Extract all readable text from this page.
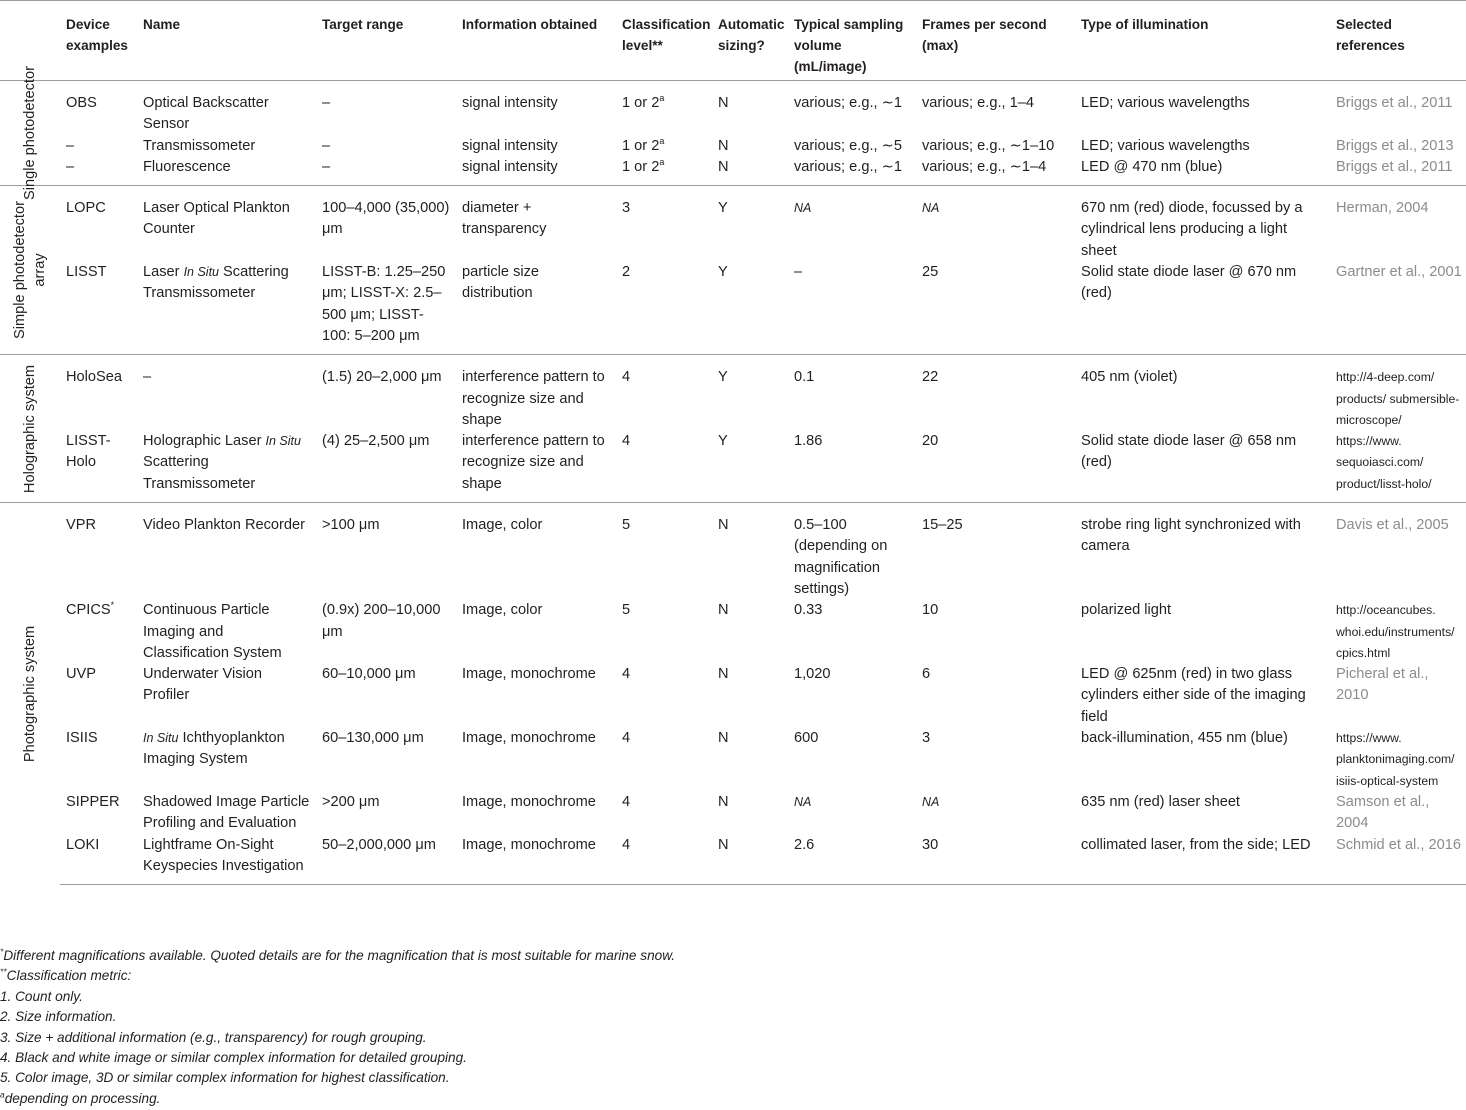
	Device examples	Name	Target range	Information obtained	Classification level**	Automatic sizing?	Typical sampling volume (mL/image)	Frames per second (max)	Type of illumination	Selected references

Single photodetector	OBS	Optical Backscatter Sensor	–	signal intensity	1 or 2$^a$	N	various; e.g., ∼1	various; e.g., 1–4	LED; various wavelengths	Briggs et al., 2011
	–	Transmissometer	–	signal intensity	1 or 2$^a$	N	various; e.g., ∼5	various; e.g., ∼1–10	LED; various wavelengths	Briggs et al., 2013
	–	Fluorescence	–	signal intensity	1 or 2$^a$	N	various; e.g., ∼1	various; e.g., ∼1–4	LED @ 470 nm (blue)	Briggs et al., 2011

Simple photodetector array	LOPC	Laser Optical Plankton Counter	100–4,000 (35,000) μm	diameter + transparency	3	Y	NA	NA	670 nm (red) diode, focussed by a cylindrical lens producing a light sheet	Herman, 2004
	LISST	Laser In Situ Scattering Transmissometer	LISST-B: 1.25–250 μm; LISST-X: 2.5–500 μm; LISST-100: 5–200 μm	particle size distribution	2	Y	–	25	Solid state diode laser @ 670 nm (red)	Gartner et al., 2001

Holographic system	HoloSea	–	(1.5) 20–2,000 μm	interference pattern to recognize size and shape	4	Y	0.1	22	405 nm (violet)	http://4-deep.com/ products/ submersible- microscope/
	LISST-Holo	Holographic Laser In Situ Scattering Transmissometer	(4) 25–2,500 μm	interference pattern to recognize size and shape	4	Y	1.86	20	Solid state diode laser @ 658 nm (red)	https://www. sequoiasci.com/ product/lisst-holo/

Photographic system	VPR	Video Plankton Recorder	>100 μm	Image, color	5	N	0.5–100 (depending on magnification settings)	15–25	strobe ring light synchronized with camera	Davis et al., 2005
	CPICS*	Continuous Particle Imaging and Classification System	(0.9x) 200–10,000 μm	Image, color	5	N	0.33	10	polarized light	http://oceancubes. whoi.edu/instruments/ cpics.html
	UVP	Underwater Vision Profiler	60–10,000 μm	Image, monochrome	4	N	1,020	6	LED @ 625nm (red) in two glass cylinders either side of the imaging field	Picheral et al., 2010
	ISIIS	In Situ Ichthyoplankton Imaging System	60–130,000 μm	Image, monochrome	4	N	600	3	back-illumination, 455 nm (blue)	https://www. planktonimaging.com/ isiis-optical-system
	SIPPER	Shadowed Image Particle Profiling and Evaluation	>200 μm	Image, monochrome	4	N	NA	NA	635 nm (red) laser sheet	Samson et al., 2004
	LOKI	Lightframe On-Sight Keyspecies Investigation	50–2,000,000 μm	Image, monochrome	4	N	2.6	30	collimated laser, from the side; LED	Schmid et al., 2016
*Different magnifications available. Quoted details are for the magnification that is most suitable for marine snow.
**Classification metric:
1. Count only.
2. Size information.
3. Size + additional information (e.g., transparency) for rough grouping.
4. Black and white image or similar complex information for detailed grouping.
5. Color image, 3D or similar complex information for highest classification.
$^a$depending on processing.
